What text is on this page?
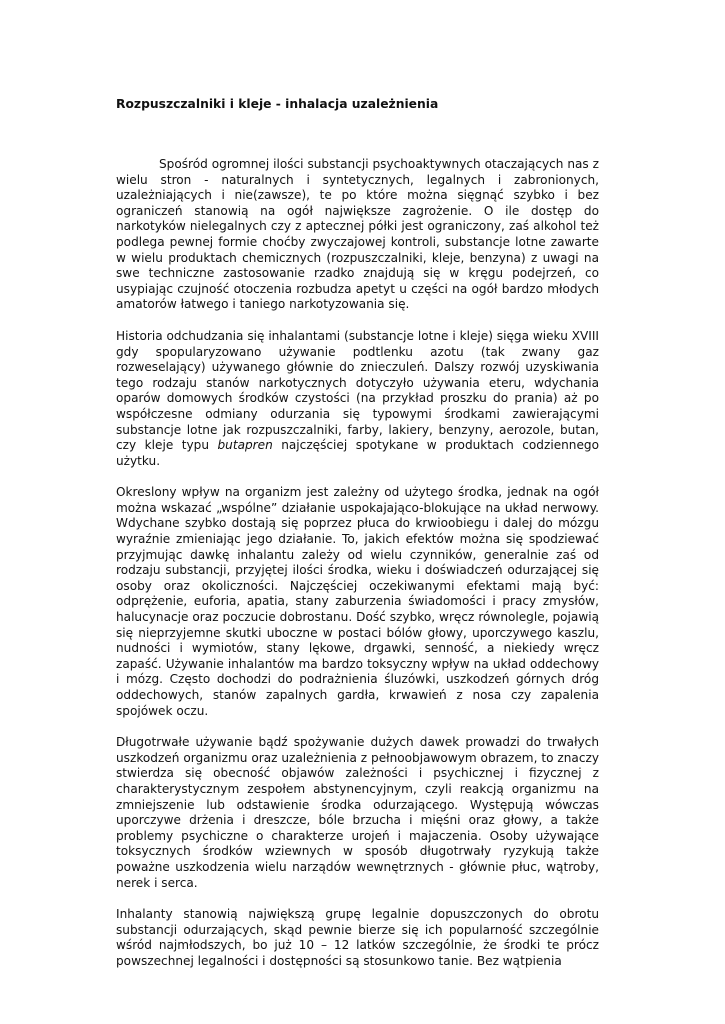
Rozpuszczalniki i kleje - inhalacja uzależnienia

Spośród ogromnej ilości substancji psychoaktywnych otaczających nas z wielu stron - naturalnych i syntetycznych, legalnych i zabronionych, uzależniających i nie(zawsze), te po które można sięgnąć szybko i bez ograniczeń stanowią na ogół największe zagrożenie. O ile dostęp do narkotyków nielegalnych czy z aptecznej półki jest ograniczony, zaś alkohol też podlega pewnej formie choćby zwyczajowej kontroli, substancje lotne zawarte w wielu produktach chemicznych (rozpuszczalniki, kleje, benzyna) z uwagi na swe techniczne zastosowanie rzadko znajdują się w kręgu podejrzeń, co usypiając czujność otoczenia rozbudza apetyt u części na ogół bardzo młodych amatorów łatwego i taniego narkotyzowania się.

Historia odchudzania się inhalantami (substancje lotne i kleje) sięga wieku XVIII gdy spopularyzowano używanie podtlenku azotu (tak zwany gaz rozweselający) używanego głównie do znieczuleń. Dalszy rozwój uzyskiwania tego rodzaju stanów narkotycznych dotyczyło używania eteru, wdychania oparów domowych środków czystości (na przykład proszku do prania) aż po współczesne odmiany odurzania się typowymi środkami zawierającymi substancje lotne jak rozpuszczalniki, farby, lakiery, benzyny, aerozole, butan, czy kleje typu butapren najczęściej spotykane w produktach codziennego użytku.

Okreslony wpływ na organizm jest zależny od użytego środka, jednak na ogół można wskazać „wspólne” działanie uspokajająco-blokujące na układ nerwowy. Wdychane szybko dostają się poprzez płuca do krwioobiegu i dalej do mózgu wyraźnie zmieniając jego działanie. To, jakich efektów można się spodziewać przyjmując dawkę inhalantu zależy od wielu czynników, generalnie zaś od rodzaju substancji, przyjętej ilości środka, wieku i doświadczeń odurzającej się osoby oraz okoliczności. Najczęściej oczekiwanymi efektami mają być: odprężenie, euforia, apatia, stany zaburzenia świadomości i pracy zmysłów, halucynacje oraz poczucie dobrostanu. Dość szybko, wręcz równolegle, pojawią się nieprzyjemne skutki uboczne w postaci bólów głowy, uporczywego kaszlu, nudności i wymiotów, stany lękowe, drgawki, senność, a niekiedy wręcz zapaść. Używanie inhalantów ma bardzo toksyczny wpływ na układ oddechowy i mózg. Często dochodzi do podrażnienia śluzówki, uszkodzeń górnych dróg oddechowych, stanów zapalnych gardła, krwawień z nosa czy zapalenia spojówek oczu.

Długotrwałe używanie bądź spożywanie dużych dawek prowadzi do trwałych uszkodzeń organizmu oraz uzależnienia z pełnoobjawowym obrazem, to znaczy stwierdza się obecność objawów zależności i psychicznej i fizycznej z charakterystycznym zespołem abstynencyjnym, czyli reakcją organizmu na zmniejszenie lub odstawienie środka odurzającego. Występują wówczas uporczywe drżenia i dreszcze, bóle brzucha i mięśni oraz głowy, a także problemy psychiczne o charakterze urojeń i majaczenia. Osoby używające toksycznych środków wziewnych w sposób długotrwały ryzykują także poważne uszkodzenia wielu narządów wewnętrznych - głównie płuc, wątroby, nerek i serca.

Inhalanty stanowią największą grupę legalnie dopuszczonych do obrotu substancji odurzających, skąd pewnie bierze się ich popularność szczególnie wśród najmłodszych, bo już 10 – 12 latków szczególnie, że środki te prócz powszechnej legalności i dostępności są stosunkowo tanie. Bez wątpienia
